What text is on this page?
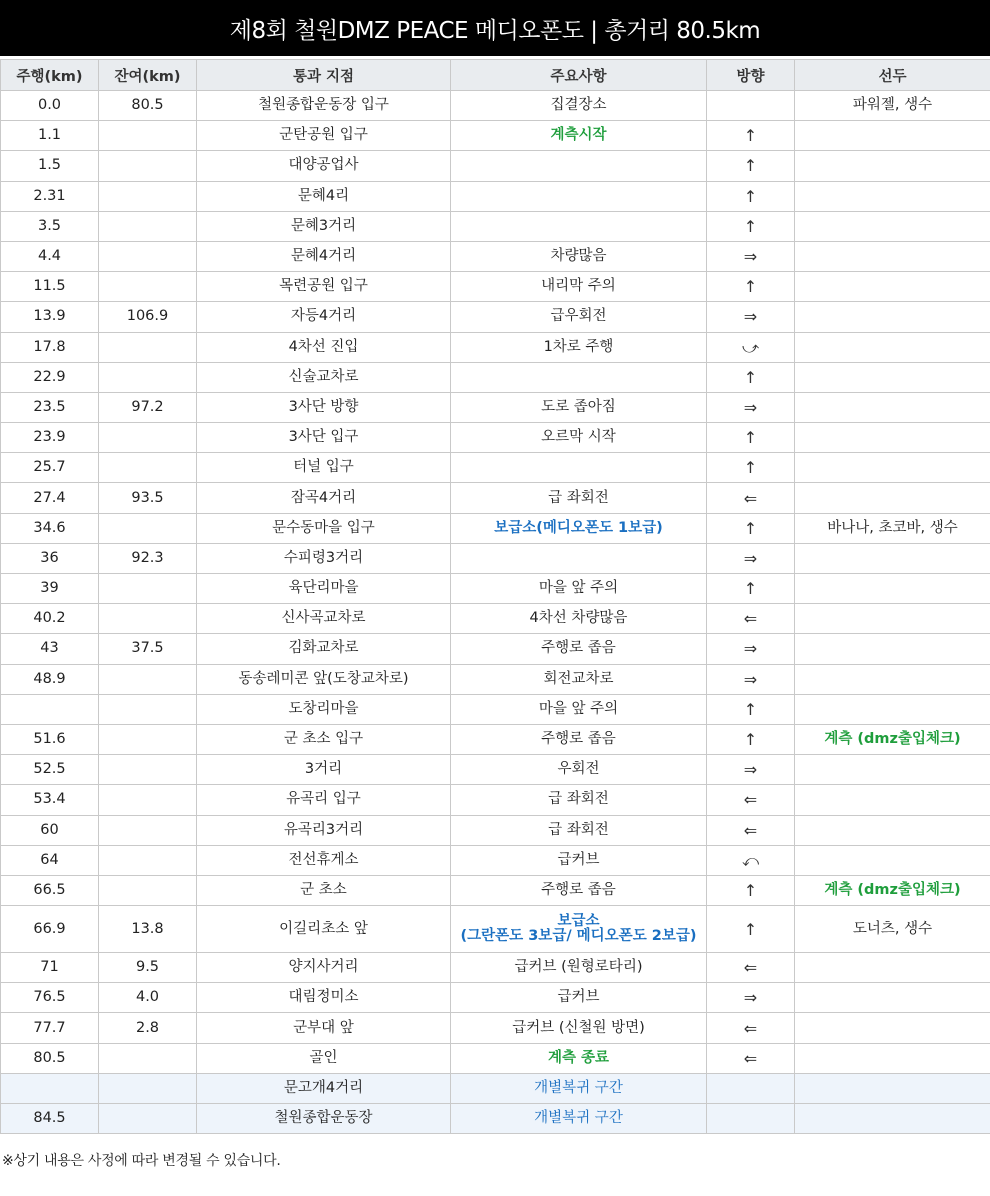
제8회 철원DMZ PEACE 메디오폰도 | 총거리 80.5km
주행(km)	잔여(km)	통과 지점	주요사항	방향	선두
0.0	80.5	철원종합운동장 입구	집결장소		파워젤, 생수
1.1		군탄공원 입구	계측시작	↑	
1.5		대양공업사		↑	
2.31		문혜4리		↑	
3.5		문혜3거리		↑	
4.4		문혜4거리	차량많음	⇒	
11.5		목련공원 입구	내리막 주의	↑	
13.9	106.9	자등4거리	급우회전	⇒	
17.8		4차선 진입	1차로 주행	⤻	
22.9		신술교차로		↑	
23.5	97.2	3사단 방향	도로 좁아짐	⇒	
23.9		3사단 입구	오르막 시작	↑	
25.7		터널 입구		↑	
27.4	93.5	잠곡4거리	급 좌회전	⇐	
34.6		문수동마을 입구	보급소(메디오폰도 1보급)	↑	바나나, 초코바, 생수
36	92.3	수피령3거리		⇒	
39		육단리마을	마을 앞 주의	↑	
40.2		신사곡교차로	4차선 차량많음	⇐	
43	37.5	김화교차로	주행로 좁음	⇒	
48.9		동송레미콘 앞(도창교차로)	회전교차로	⇒	
		도창리마을	마을 앞 주의	↑	
51.6		군 초소 입구	주행로 좁음	↑	계측 (dmz출입체크)
52.5		3거리	우회전	⇒	
53.4		유곡리 입구	급 좌회전	⇐	
60		유곡리3거리	급 좌회전	⇐	
64		전선휴게소	급커브	⤺	
66.5		군 초소	주행로 좁음	↑	계측 (dmz출입체크)
66.9	13.8	이길리초소 앞	보급소
(그란폰도 3보급/ 메디오폰도 2보급)	↑	도너츠, 생수
71	9.5	양지사거리	급커브 (원형로타리)	⇐	
76.5	4.0	대림정미소	급커브	⇒	
77.7	2.8	군부대 앞	급커브 (신철원 방면)	⇐	
80.5		골인	계측 종료	⇐	
		문고개4거리	개별복귀 구간		
84.5		철원종합운동장	개별복귀 구간		
※상기 내용은 사정에 따라 변경될 수 있습니다.
